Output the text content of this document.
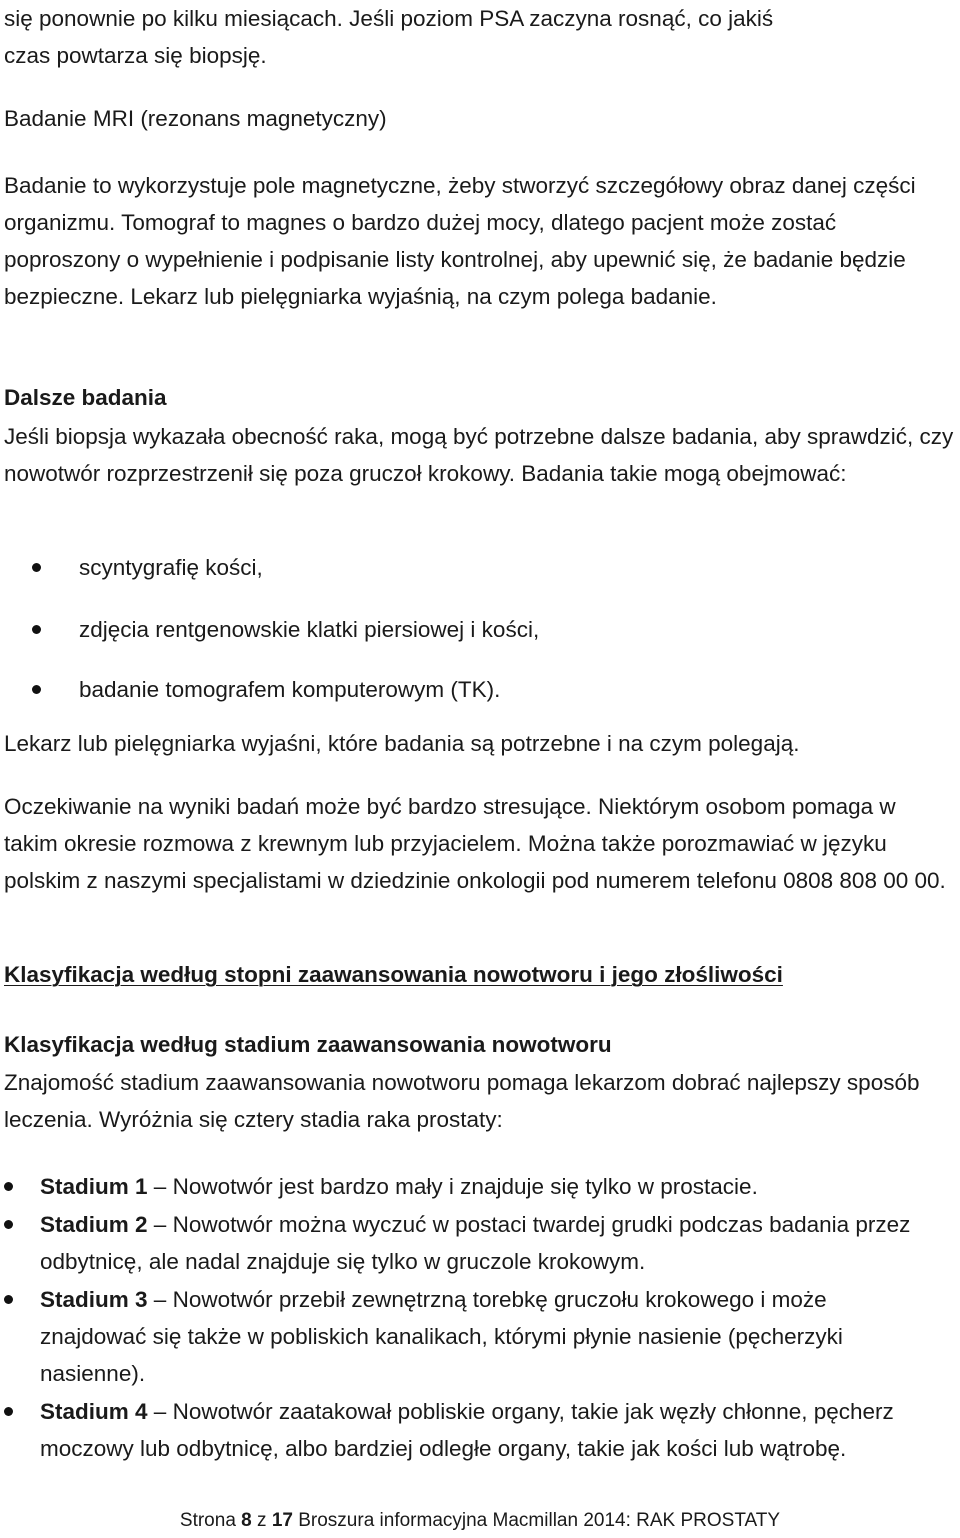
się ponownie po kilku miesiącach. Jeśli poziom PSA zaczyna rosnąć, co jakiś

czas powtarza się biopsję.

Badanie MRI (rezonans magnetyczny)

Badanie to wykorzystuje pole magnetyczne, żeby stworzyć szczegółowy obraz danej części organizmu. Tomograf to magnes o bardzo dużej mocy, dlatego pacjent może zostać poproszony o wypełnienie i podpisanie listy kontrolnej, aby upewnić się, że badanie będzie bezpieczne. Lekarz lub pielęgniarka wyjaśnią, na czym polega badanie.

Dalsze badania

Jeśli biopsja wykazała obecność raka, mogą być potrzebne dalsze badania, aby sprawdzić, czy nowotwór rozprzestrzenił się poza gruczoł krokowy. Badania takie mogą obejmować:

scyntygrafię kości,
zdjęcia rentgenowskie klatki piersiowej i kości,
badanie tomografem komputerowym (TK).

Lekarz lub pielęgniarka wyjaśni, które badania są potrzebne i na czym polegają.

Oczekiwanie na wyniki badań może być bardzo stresujące. Niektórym osobom pomaga w takim okresie rozmowa z krewnym lub przyjacielem. Można także porozmawiać w języku polskim z naszymi specjalistami w dziedzinie onkologii pod numerem telefonu 0808 808 00 00.

Klasyfikacja według stopni zaawansowania nowotworu i jego złośliwości

Klasyfikacja według stadium zaawansowania nowotworu

Znajomość stadium zaawansowania nowotworu pomaga lekarzom dobrać najlepszy sposób leczenia. Wyróżnia się cztery stadia raka prostaty:

Stadium 1 – Nowotwór jest bardzo mały i znajduje się tylko w prostacie.
Stadium 2 – Nowotwór można wyczuć w postaci twardej grudki podczas badania przez odbytnicę, ale nadal znajduje się tylko w gruczole krokowym.
Stadium 3 – Nowotwór przebił zewnętrzną torebkę gruczołu krokowego i może znajdować się także w pobliskich kanalikach, którymi płynie nasienie (pęcherzyki nasienne).
Stadium 4 – Nowotwór zaatakował pobliskie organy, takie jak węzły chłonne, pęcherz moczowy lub odbytnicę, albo bardziej odległe organy, takie jak kości lub wątrobę.
Strona 8 z 17 Broszura informacyjna Macmillan 2014: RAK PROSTATY
